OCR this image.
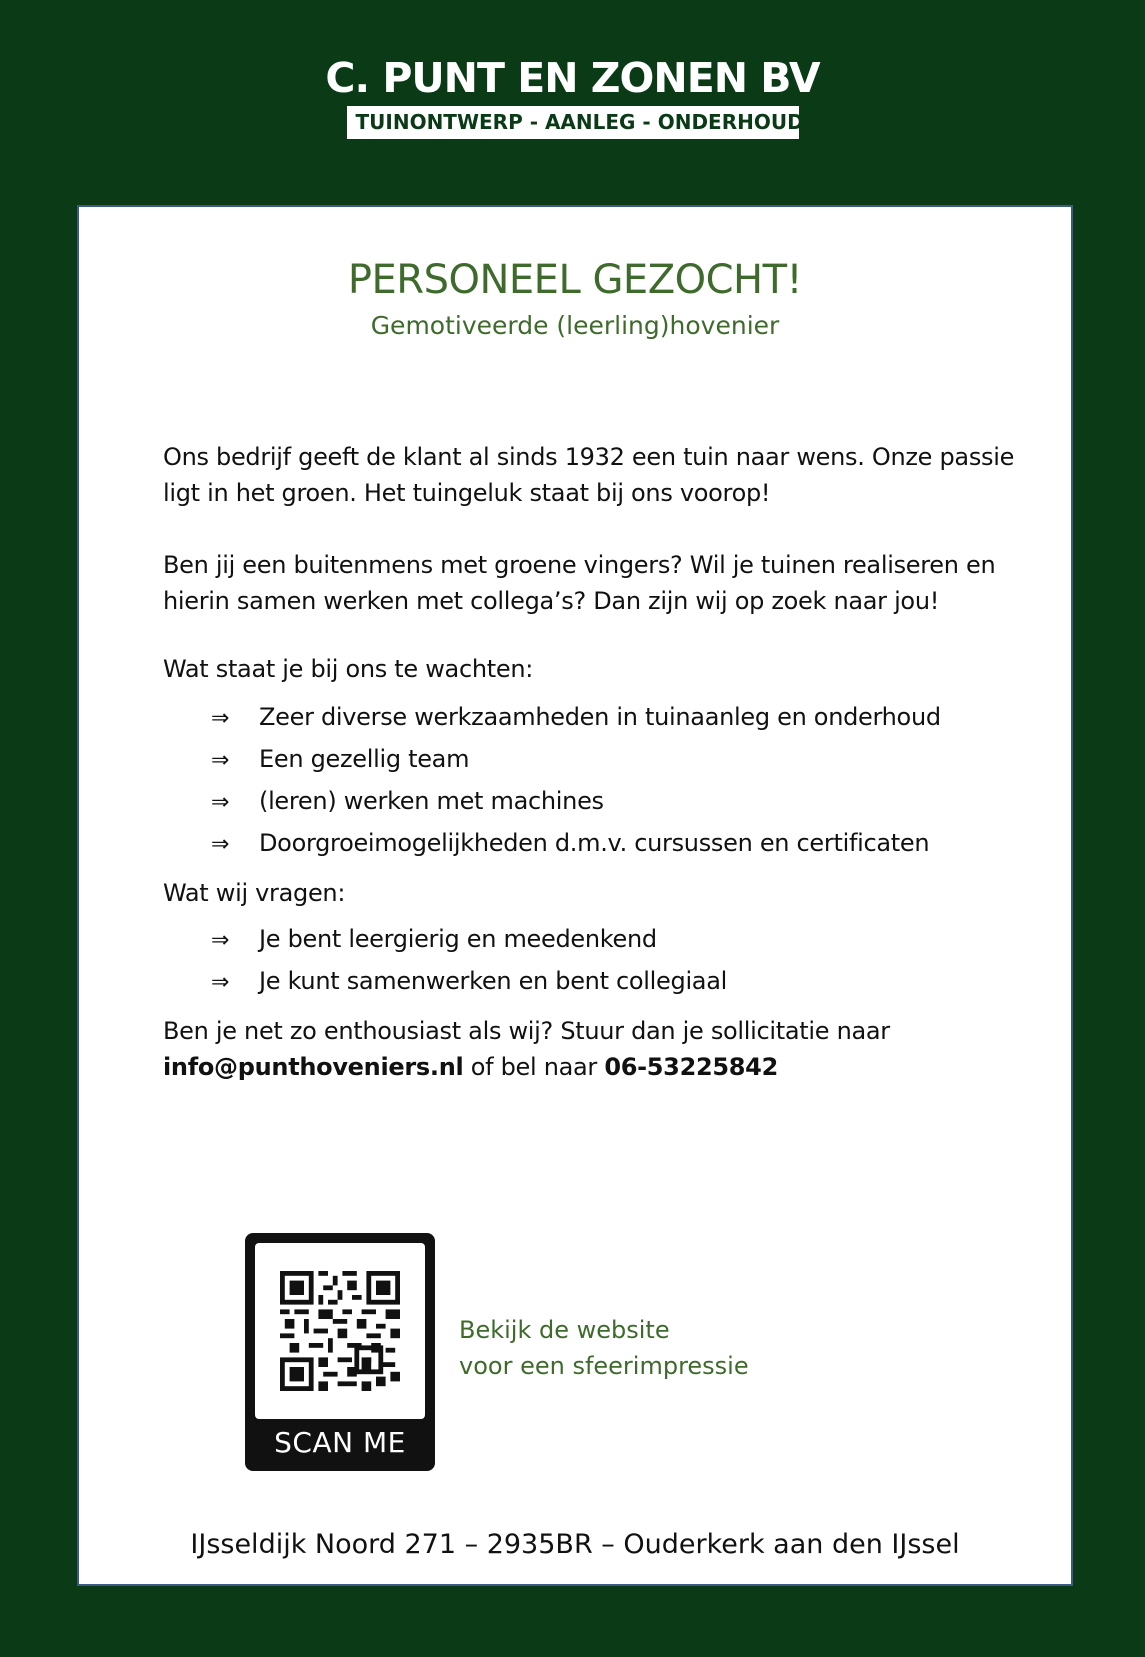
C. PUNT EN ZONEN BV
TUINONTWERP - AANLEG - ONDERHOUD
PERSONEEL GEZOCHT!
Gemotiveerde (leerling)hovenier

Ons bedrijf geeft de klant al sinds 1932 een tuin naar wens. Onze passie ligt in het groen. Het tuingeluk staat bij ons voorop!

Ben jij een buitenmens met groene vingers? Wil je tuinen realiseren en hierin samen werken met collega’s? Dan zijn wij op zoek naar jou!

Wat staat je bij ons te wachten:

⇒ Zeer diverse werkzaamheden in tuinaanleg en onderhoud
⇒ Een gezellig team
⇒ (leren) werken met machines
⇒ Doorgroeimogelijkheden d.m.v. cursussen en certificaten

Wat wij vragen:

⇒ Je bent leergierig en meedenkend
⇒ Je kunt samenwerken en bent collegiaal

Ben je net zo enthousiast als wij? Stuur dan je sollicitatie naar
info@punthoveniers.nl of bel naar 06-53225842

SCAN ME
Bekijk de website
voor een sfeerimpressie
IJsseldijk Noord 271 – 2935BR – Ouderkerk aan den IJssel
